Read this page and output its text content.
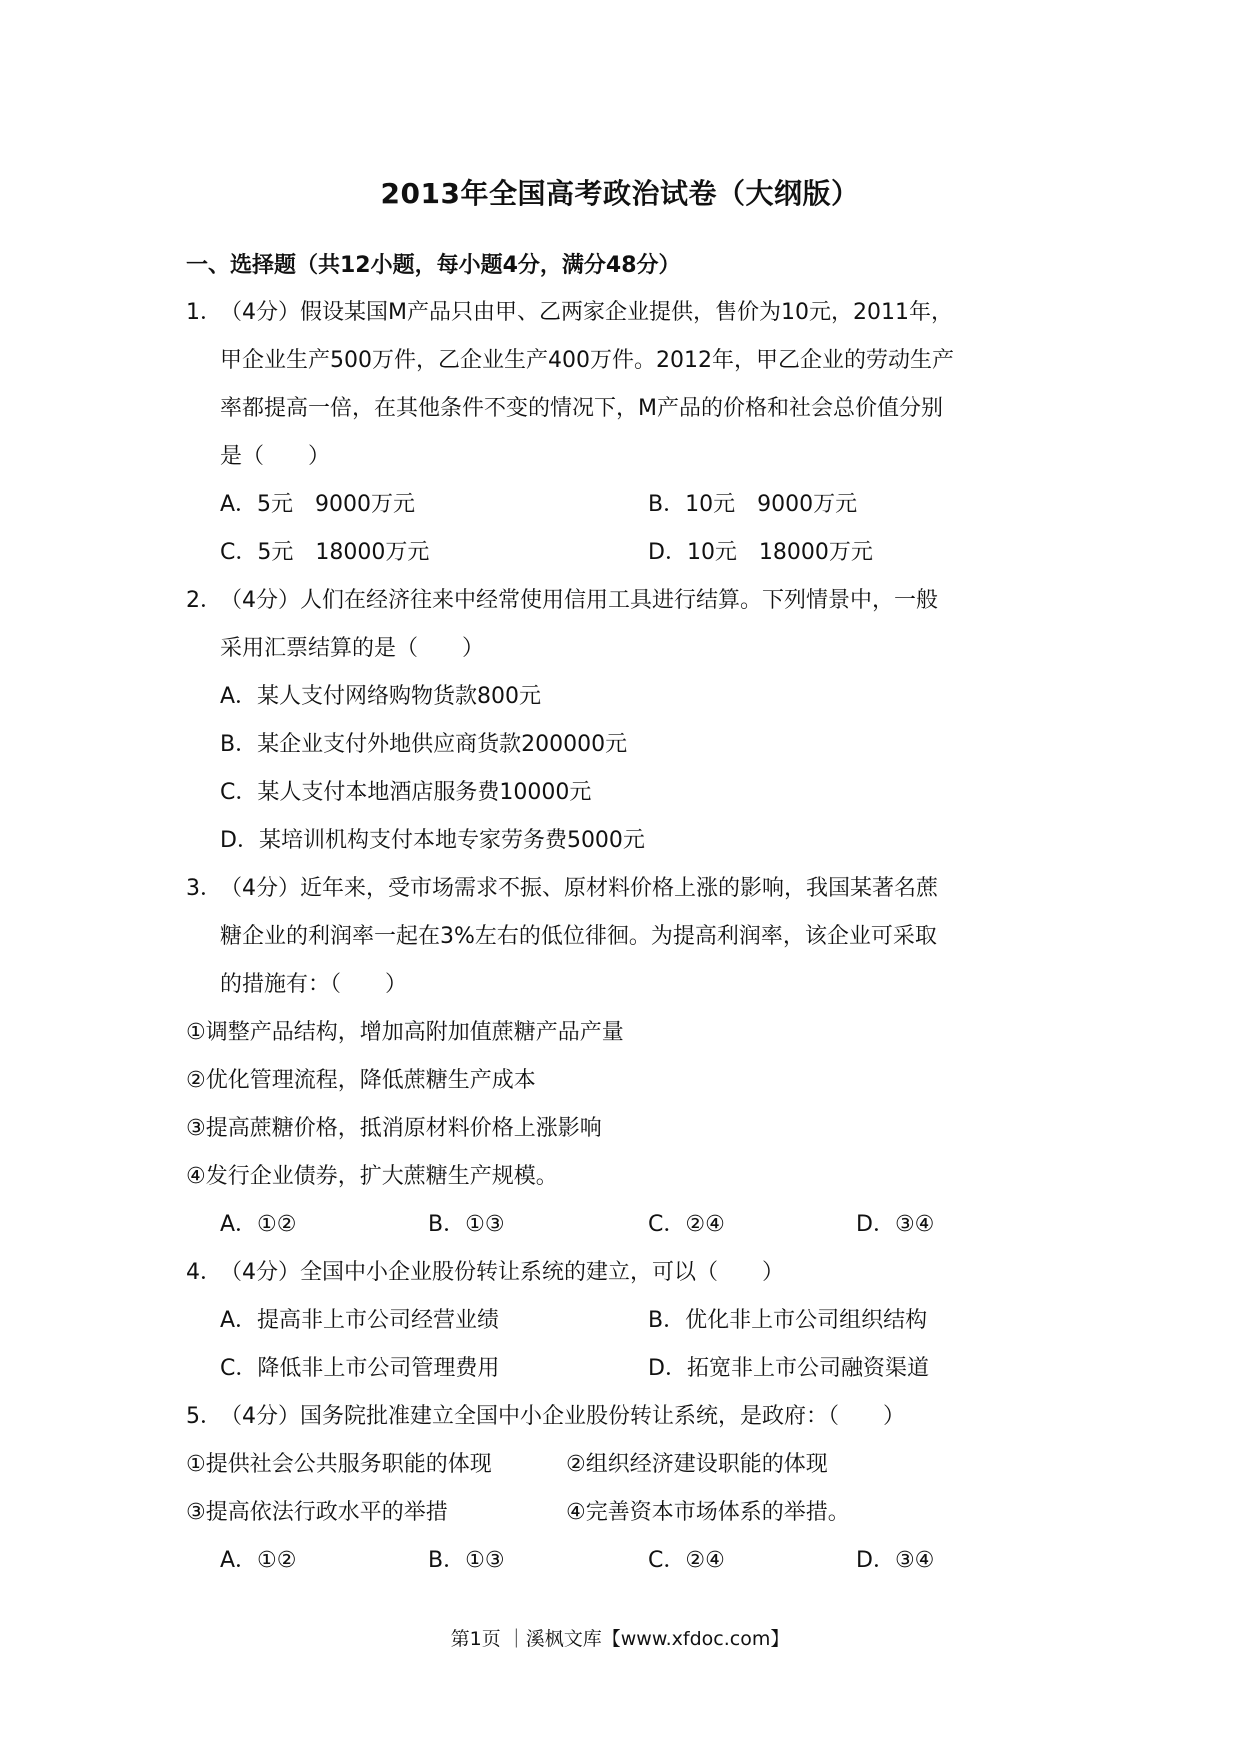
2013年全国高考政治试卷（大纲版）
一、选择题（共12小题，每小题4分，满分48分）
1．
（4分）假设某国M产品只由甲、乙两家企业提供，售价为10元，2011年，
甲企业生产500万件，乙企业生产400万件。2012年，甲乙企业的劳动生产
率都提高一倍，在其他条件不变的情况下，M产品的价格和社会总价值分别
是（　　）
A．5元　9000万元	B．10元　9000万元
C．5元　18000万元	D．10元　18000万元
2．
（4分）人们在经济往来中经常使用信用工具进行结算。下列情景中，一般
采用汇票结算的是（　　）
A．某人支付网络购物货款800元
B．某企业支付外地供应商货款200000元
C．某人支付本地酒店服务费10000元
D．某培训机构支付本地专家劳务费5000元
3．
（4分）近年来，受市场需求不振、原材料价格上涨的影响，我国某著名蔗
糖企业的利润率一起在3%左右的低位徘徊。为提高利润率，该企业可采取
的措施有：（　　）
①调整产品结构，增加高附加值蔗糖产品产量
②优化管理流程，降低蔗糖生产成本
③提高蔗糖价格，抵消原材料价格上涨影响
④发行企业债券，扩大蔗糖生产规模。
A．①②	B．①③	C．②④	D．③④
4．
（4分）全国中小企业股份转让系统的建立，可以（　　）
A．提高非上市公司经营业绩	B．优化非上市公司组织结构
C．降低非上市公司管理费用	D．拓宽非上市公司融资渠道
5．
（4分）国务院批准建立全国中小企业股份转让系统，是政府：（　　）
①提供社会公共服务职能的体现	②组织经济建设职能的体现
③提高依法行政水平的举措	④完善资本市场体系的举措。
A．①②	B．①③	C．②④	D．③④
第1页 ｜溪枫文库【www.xfdoc.com】
